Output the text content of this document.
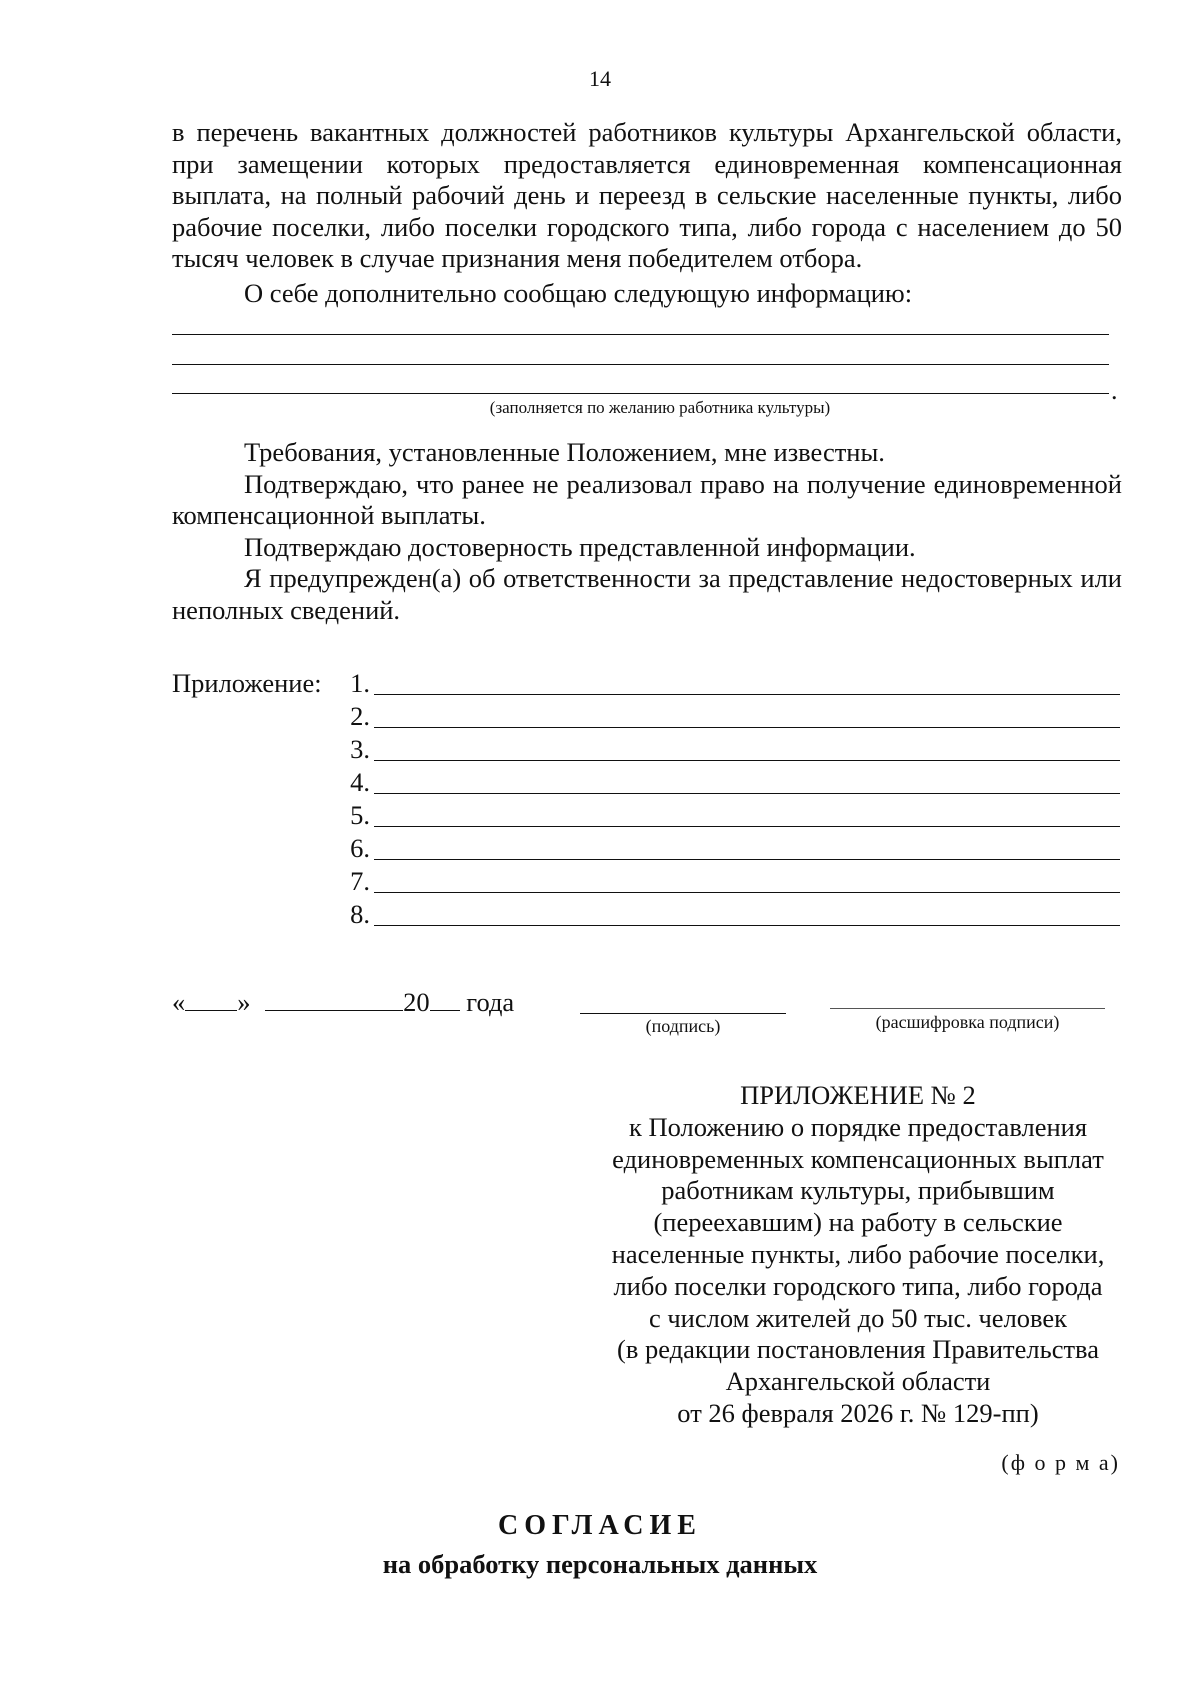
14
в перечень вакантных должностей работников культуры Архангельской области, при замещении которых предоставляется единовременная компенсационная выплата, на полный рабочий день и переезд в сельские населенные пункты, либо рабочие поселки, либо поселки городского типа, либо города с населением до 50 тысяч человек в случае признания меня победителем отбора.
О себе дополнительно сообщаю следующую информацию:
.
(заполняется по желанию работника культуры)
Требования, установленные Положением, мне известны.
Подтверждаю, что ранее не реализовал право на получение единовременной компенсационной выплаты.
Подтверждаю достоверность представленной информации.
Я предупрежден(а) об ответственности за представление недостоверных или неполных сведений.
Приложение:	1.
2.
3.
4.
5.
6.
7.
8.
« »	20 года
(подпись)	(расшифровка подписи)
ПРИЛОЖЕНИЕ № 2
к Положению о порядке предоставления
единовременных компенсационных выплат
работникам культуры, прибывшим
(переехавшим) на работу в сельские
населенные пункты, либо рабочие поселки,
либо поселки городского типа, либо города
с числом жителей до 50 тыс. человек
(в редакции постановления Правительства
Архангельской области
от 26 февраля 2026 г. № 129-пп)
(ф о р м а)
СОГЛАСИЕ
на обработку персональных данных
